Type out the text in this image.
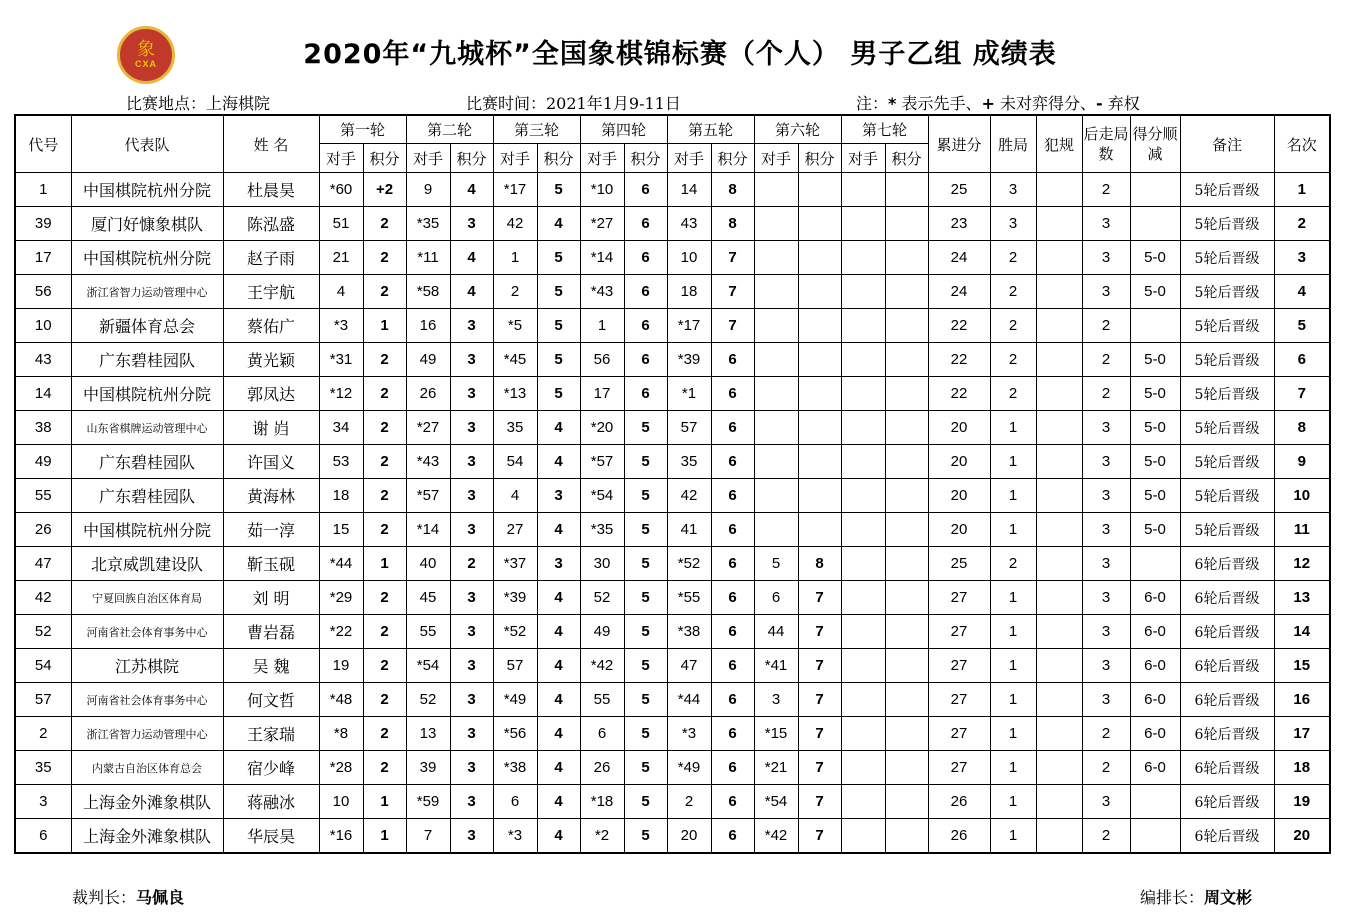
象
CXA	2020年“九城杯”全国象棋锦标赛（个人） 男子乙组 成绩表
比赛地点：上海棋院	比赛时间：2021年1月9-11日	注：* 表示先手、+ 未对弈得分、- 弃权
代号	代表队	姓 名	第一轮		第二轮		第三轮		第四轮		第五轮		第六轮		第七轮		累进分	胜局	犯规	后走局数	得分顺减	备注	名次
			对手	积分	对手	积分	对手	积分	对手	积分	对手	积分	对手	积分	对手	积分							
1	中国棋院杭州分院	杜晨昊	*60	+2	9	4	*17	5	*10	6	14	8					25	3		2		5轮后晋级	1
39	厦门好慷象棋队	陈泓盛	51	2	*35	3	42	4	*27	6	43	8					23	3		3		5轮后晋级	2
17	中国棋院杭州分院	赵子雨	21	2	*11	4	1	5	*14	6	10	7					24	2		3	5-0	5轮后晋级	3
56	浙江省智力运动管理中心	王宇航	4	2	*58	4	2	5	*43	6	18	7					24	2		3	5-0	5轮后晋级	4
10	新疆体育总会	蔡佑广	*3	1	16	3	*5	5	1	6	*17	7					22	2		2		5轮后晋级	5
43	广东碧桂园队	黄光颖	*31	2	49	3	*45	5	56	6	*39	6					22	2		2	5-0	5轮后晋级	6
14	中国棋院杭州分院	郭凤达	*12	2	26	3	*13	5	17	6	*1	6					22	2		2	5-0	5轮后晋级	7
38	山东省棋牌运动管理中心	谢 岿	34	2	*27	3	35	4	*20	5	57	6					20	1		3	5-0	5轮后晋级	8
49	广东碧桂园队	许国义	53	2	*43	3	54	4	*57	5	35	6					20	1		3	5-0	5轮后晋级	9
55	广东碧桂园队	黄海林	18	2	*57	3	4	3	*54	5	42	6					20	1		3	5-0	5轮后晋级	10
26	中国棋院杭州分院	茹一淳	15	2	*14	3	27	4	*35	5	41	6					20	1		3	5-0	5轮后晋级	11
47	北京威凯建设队	靳玉砚	*44	1	40	2	*37	3	30	5	*52	6	5	8			25	2		3		6轮后晋级	12
42	宁夏回族自治区体育局	刘 明	*29	2	45	3	*39	4	52	5	*55	6	6	7			27	1		3	6-0	6轮后晋级	13
52	河南省社会体育事务中心	曹岩磊	*22	2	55	3	*52	4	49	5	*38	6	44	7			27	1		3	6-0	6轮后晋级	14
54	江苏棋院	吴 魏	19	2	*54	3	57	4	*42	5	47	6	*41	7			27	1		3	6-0	6轮后晋级	15
57	河南省社会体育事务中心	何文哲	*48	2	52	3	*49	4	55	5	*44	6	3	7			27	1		3	6-0	6轮后晋级	16
2	浙江省智力运动管理中心	王家瑞	*8	2	13	3	*56	4	6	5	*3	6	*15	7			27	1		2	6-0	6轮后晋级	17
35	内蒙古自治区体育总会	宿少峰	*28	2	39	3	*38	4	26	5	*49	6	*21	7			27	1		2	6-0	6轮后晋级	18
3	上海金外滩象棋队	蒋融冰	10	1	*59	3	6	4	*18	5	2	6	*54	7			26	1		3		6轮后晋级	19
6	上海金外滩象棋队	华辰昊	*16	1	7	3	*3	4	*2	5	20	6	*42	7			26	1		2		6轮后晋级	20
裁判长：马佩良	编排长：周文彬
